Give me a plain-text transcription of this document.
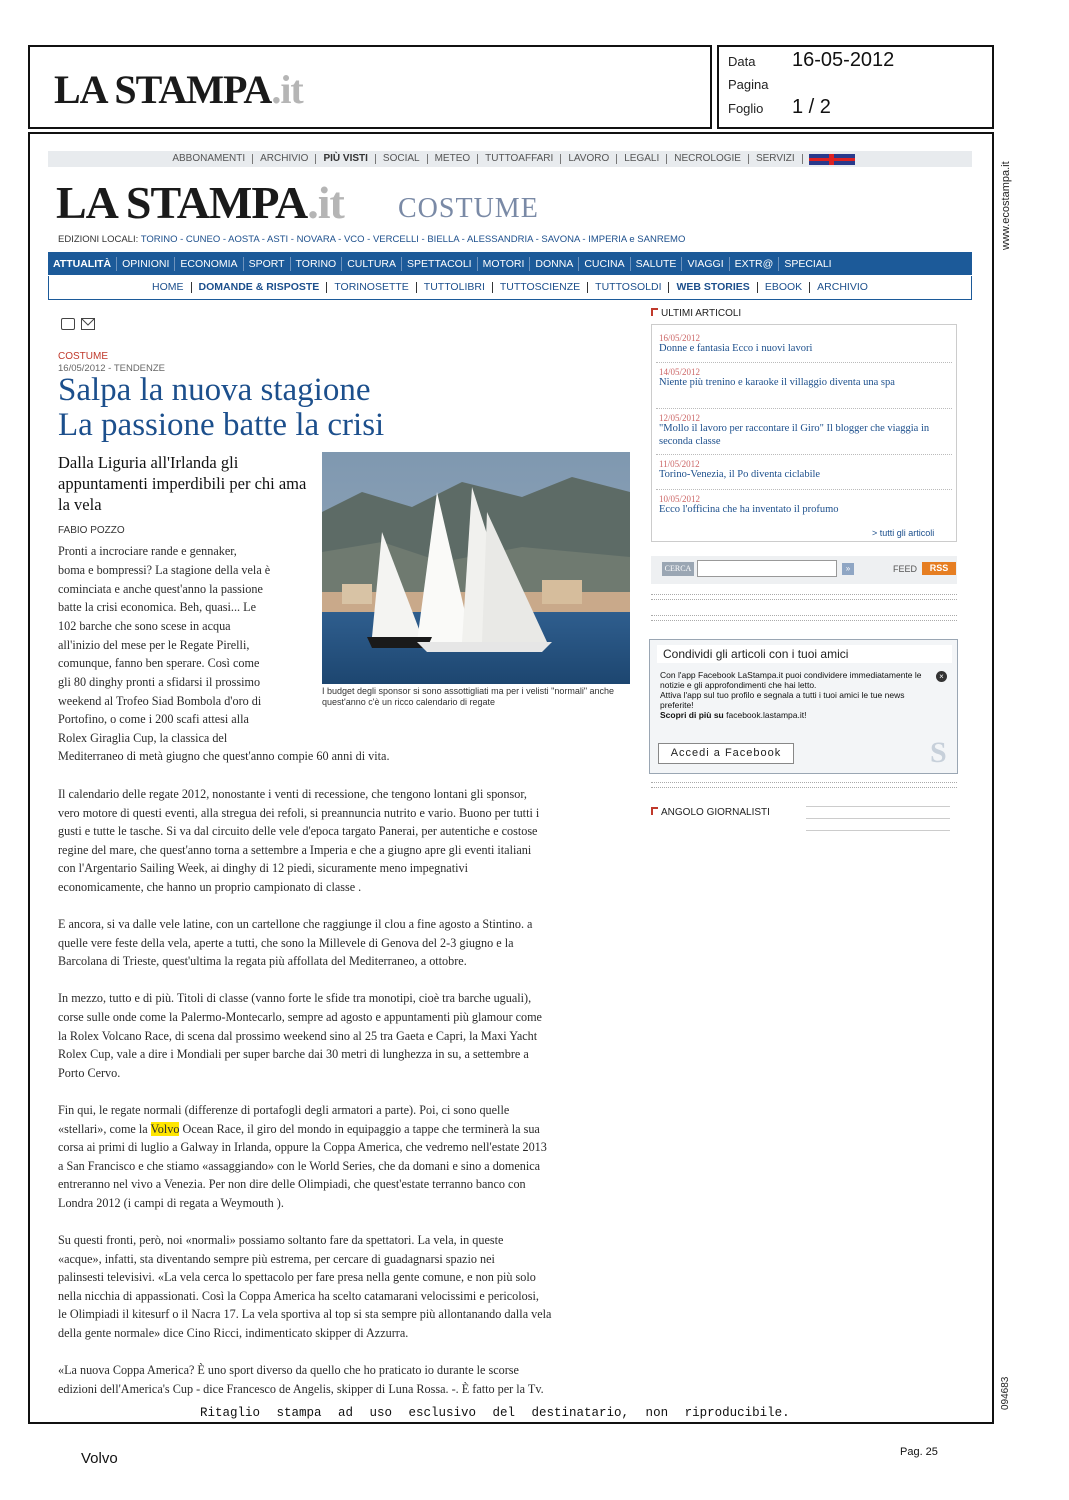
LA STAMPA.it
Data 16-05-2012
Pagina
Foglio 1 / 2
www.ecostampa.it
094683
ABBONAMENTI	ARCHIVIO	PIÙ VISTI	SOCIAL	METEO	TUTTOAFFARI	LAVORO	LEGALI	NECROLOGIE	SERVIZI
LA STAMPA.it COSTUME
EDIZIONI LOCALI: TORINO - CUNEO - AOSTA - ASTI - NOVARA - VCO - VERCELLI - BIELLA - ALESSANDRIA - SAVONA - IMPERIA e SANREMO
ATTUALITÀ	OPINIONI	ECONOMIA	SPORT	TORINO	CULTURA	SPETTACOLI	MOTORI	DONNA	CUCINA	SALUTE	VIAGGI	EXTR@	SPECIALI
HOME	DOMANDE & RISPOSTE	TORINOSETTE	TUTTOLIBRI	TUTTOSCIENZE	TUTTOSOLDI	WEB STORIES	EBOOK	ARCHIVIO
COSTUME
16/05/2012 - TENDENZE
Salpa la nuova stagione
La passione batte la crisi
Dalla Liguria all'Irlanda gli appuntamenti imperdibili per chi ama la vela
FABIO POZZO
I budget degli sponsor si sono assottigliati ma per i velisti "normali" anche quest'anno c'è un ricco calendario di regate
Pronti a incrociare rande e gennaker,
boma e bompressi? La stagione della vela è
cominciata e anche quest'anno la passione
batte la crisi economica. Beh, quasi... Le
102 barche che sono scese in acqua
all'inizio del mese per le Regate Pirelli,
comunque, fanno ben sperare. Così come
gli 80 dinghy pronti a sfidarsi il prossimo
weekend al Trofeo Siad Bombola d'oro di
Portofino, o come i 200 scafi attesi alla
Rolex Giraglia Cup, la classica del
Mediterraneo di metà giugno che quest'anno compie 60 anni di vita.
Il calendario delle regate 2012, nonostante i venti di recessione, che tengono lontani gli sponsor,
vero motore di questi eventi, alla stregua dei refoli, si preannuncia nutrito e vario. Buono per tutti i
gusti e tutte le tasche. Si va dal circuito delle vele d'epoca targato Panerai, per autentiche e costose
regine del mare, che quest'anno torna a settembre a Imperia e che a giugno apre gli eventi italiani
con l'Argentario Sailing Week, ai dinghy di 12 piedi, sicuramente meno impegnativi
economicamente, che hanno un proprio campionato di classe .
E ancora, si va dalle vele latine, con un cartellone che raggiunge il clou a fine agosto a Stintino. a
quelle vere feste della vela, aperte a tutti, che sono la Millevele di Genova del 2-3 giugno e la
Barcolana di Trieste, quest'ultima la regata più affollata del Mediterraneo, a ottobre.
In mezzo, tutto e di più. Titoli di classe (vanno forte le sfide tra monotipi, cioè tra barche uguali),
corse sulle onde come la Palermo-Montecarlo, sempre ad agosto e appuntamenti più glamour come
la Rolex Volcano Race, di scena dal prossimo weekend sino al 25 tra Gaeta e Capri, la Maxi Yacht
Rolex Cup, vale a dire i Mondiali per super barche dai 30 metri di lunghezza in su, a settembre a
Porto Cervo.
Fin qui, le regate normali (differenze di portafogli degli armatori a parte). Poi, ci sono quelle
«stellari», come la Volvo Ocean Race, il giro del mondo in equipaggio a tappe che terminerà la sua
corsa ai primi di luglio a Galway in Irlanda, oppure la Coppa America, che vedremo nell'estate 2013
a San Francisco e che stiamo «assaggiando» con le World Series, che da domani e sino a domenica
entreranno nel vivo a Venezia. Per non dire delle Olimpiadi, che quest'estate terranno banco con
Londra 2012 (i campi di regata a Weymouth ).
Su questi fronti, però, noi «normali» possiamo soltanto fare da spettatori. La vela, in queste
«acque», infatti, sta diventando sempre più estrema, per cercare di guadagnarsi spazio nei
palinsesti televisivi. «La vela cerca lo spettacolo per fare presa nella gente comune, e non più solo
nella nicchia di appassionati. Così la Coppa America ha scelto catamarani velocissimi e pericolosi,
le Olimpiadi il kitesurf o il Nacra 17. La vela sportiva al top si sta sempre più allontanando dalla vela
della gente normale» dice Cino Ricci, indimenticato skipper di Azzurra.
«La nuova Coppa America? È uno sport diverso da quello che ho praticato io durante le scorse
edizioni dell'America's Cup - dice Francesco de Angelis, skipper di Luna Rossa. -. È fatto per la Tv.
ULTIMI ARTICOLI
16/05/2012
Donne e fantasia Ecco i nuovi lavori
14/05/2012
Niente più trenino e karaoke il villaggio diventa una spa
12/05/2012
"Mollo il lavoro per raccontare il Giro" Il blogger che viaggia in seconda classe
11/05/2012
Torino-Venezia, il Po diventa ciclabile
10/05/2012
Ecco l'officina che ha inventato il profumo
> tutti gli articoli
CERCA	»	FEED	RSS
Condividi gli articoli con i tuoi amici
Con l'app Facebook LaStampa.it puoi condividere immediatamente le notizie e gli approfondimenti che hai letto.
Attiva l'app sul tuo profilo e segnala a tutti i tuoi amici le tue news preferite!
Scopri di più su facebook.lastampa.it!
×
Accedi a Facebook	S
ANGOLO GIORNALISTI
Ritaglio stampa ad uso esclusivo del destinatario, non riproducibile.
Volvo	Pag. 25
